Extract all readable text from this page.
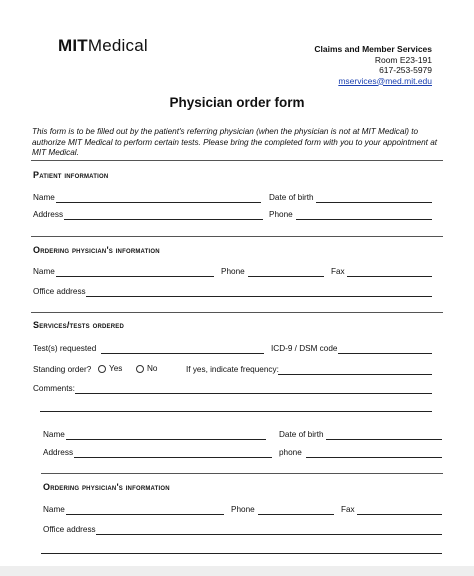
MITMedical	Claims and Member Services
Room E23-191
617-253-5979
mservices@med.mit.edu
Physician order form
This form is to be filled out by the patient's referring physician (when the physician is not at MIT Medical) to authorize MIT Medical to perform certain tests. Please bring the completed form with you to your appointment at MIT Medical.
Patient information
Name	Date of birth
Address	Phone
Ordering physician's information
Name	Phone	Fax
Office address
Services/tests ordered
Test(s) requested	ICD-9 / DSM code
Standing order?	Yes	No	If yes, indicate frequency:
Comments:
Name	Date of birth
Address	phone
Ordering physician's information
Name	Phone	Fax
Office address
